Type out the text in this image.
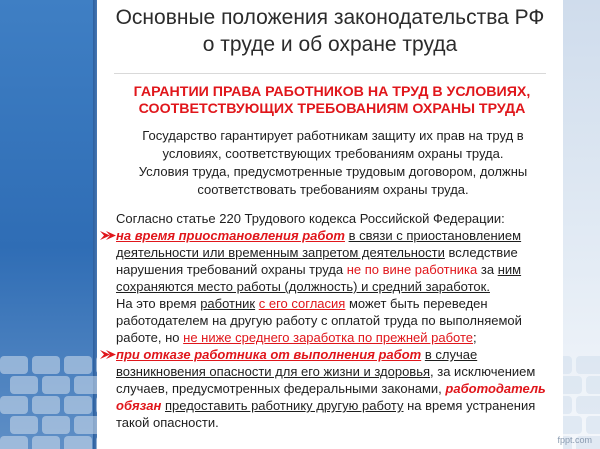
Основные положения законодательства РФ
о труде и об охране труда
ГАРАНТИИ ПРАВА РАБОТНИКОВ НА ТРУД В УСЛОВИЯХ,
СООТВЕТСТВУЮЩИХ ТРЕБОВАНИЯМ ОХРАНЫ ТРУДА
Государство гарантирует работникам защиту их прав на труд в
условиях, соответствующих требованиям охраны труда.
Условия труда, предусмотренные трудовым договором, должны
соответствовать требованиям охраны труда.
Согласно статье 220 Трудового кодекса Российской Федерации:
на время приостановления работ в связи с приостановлением
деятельности или временным запретом деятельности вследствие
нарушения требований охраны труда не по вине работника за ним
сохраняются место работы (должность) и средний заработок.
На это время работник с его согласия может быть переведен
работодателем на другую работу с оплатой труда по выполняемой
работе, но не ниже среднего заработка по прежней работе;
при отказе работника от выполнения работ в случае
возникновения опасности для его жизни и здоровья, за исключением
случаев, предусмотренных федеральными законами, работодатель
обязан предоставить работнику другую работу на время устранения
такой опасности.
fppt.com
